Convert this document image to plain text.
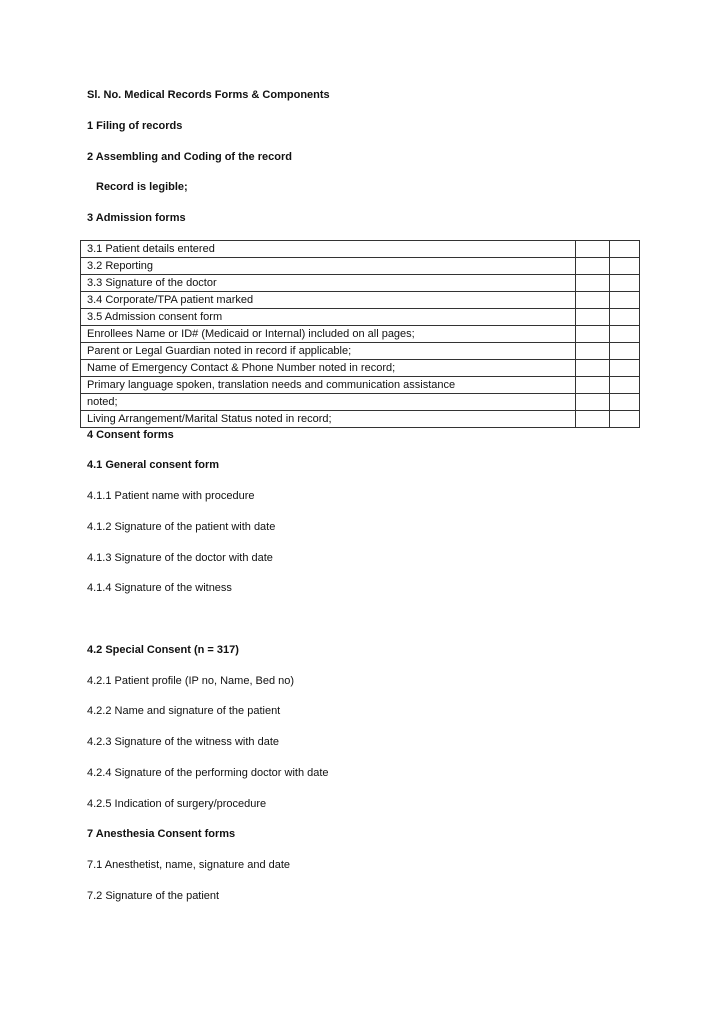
Sl. No. Medical Records Forms & Components
1 Filing of records
2 Assembling and Coding of the record
Record is legible;
3 Admission forms
3.1 Patient details entered		
3.2 Reporting		
3.3 Signature of the doctor		
3.4 Corporate/TPA patient marked		
3.5 Admission consent form		
Enrollees Name or ID# (Medicaid or Internal) included on all pages;		
Parent or Legal Guardian noted in record if applicable;		
Name of Emergency Contact & Phone Number noted in record;		
Primary language spoken, translation needs and communication assistance		
noted;		
Living Arrangement/Marital Status noted in record;		
4 Consent forms
4.1 General consent form
4.1.1 Patient name with procedure
4.1.2 Signature of the patient with date
4.1.3 Signature of the doctor with date
4.1.4 Signature of the witness
4.2 Special Consent (n = 317)
4.2.1 Patient profile (IP no, Name, Bed no)
4.2.2 Name and signature of the patient
4.2.3 Signature of the witness with date
4.2.4 Signature of the performing doctor with date
4.2.5 Indication of surgery/procedure
7 Anesthesia Consent forms
7.1 Anesthetist, name, signature and date
7.2 Signature of the patient
